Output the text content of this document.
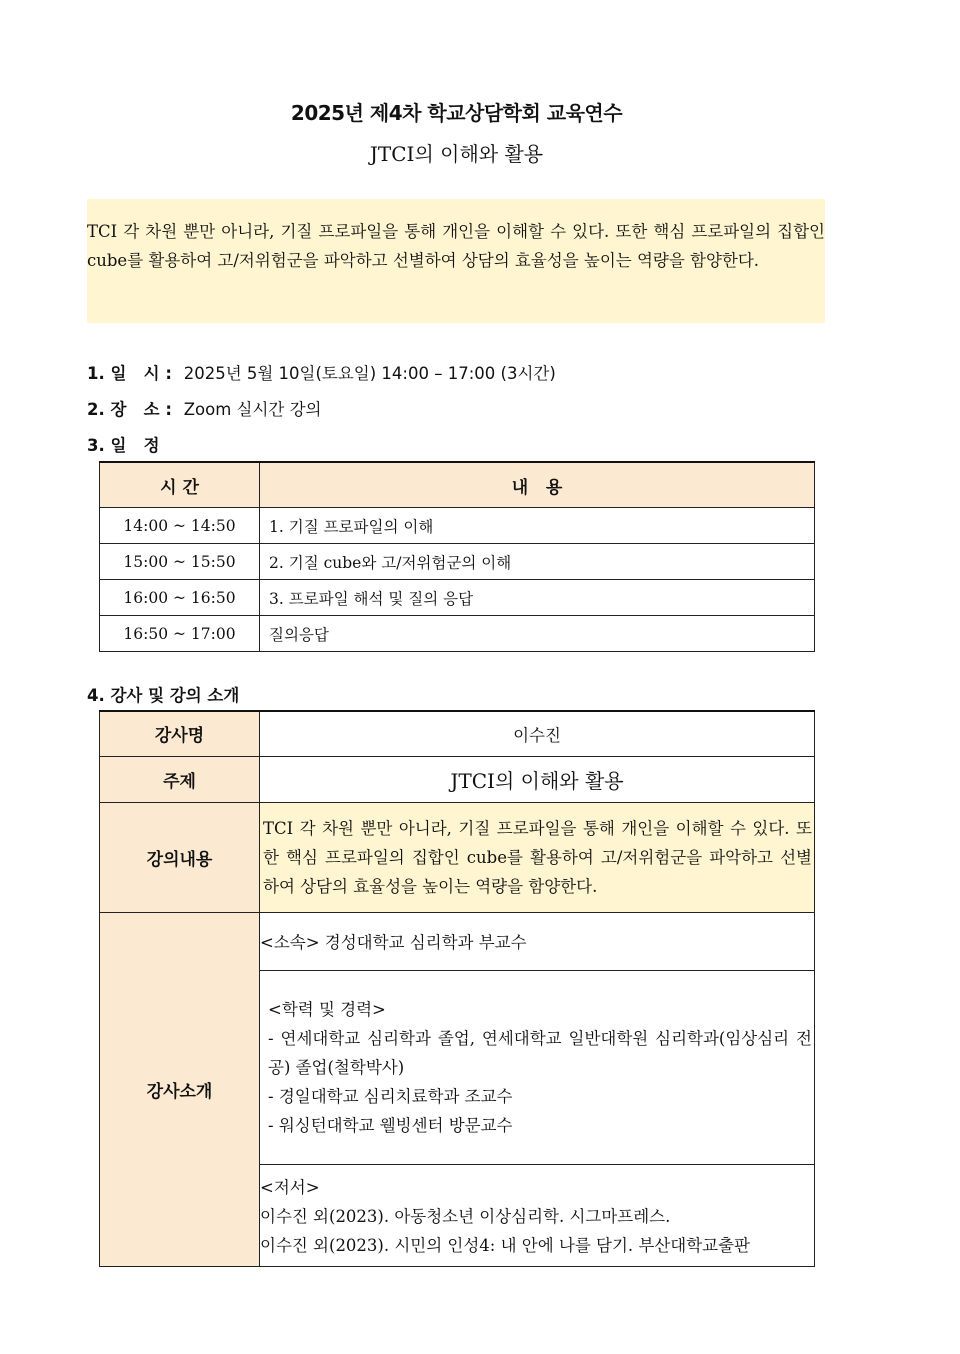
2025년 제4차 학교상담학회 교육연수
JTCI의 이해와 활용
TCI 각 차원 뿐만 아니라, 기질 프로파일을 통해 개인을 이해할 수 있다. 또한 핵심 프로파일의 집합인 cube를 활용하여 고/저위험군을 파악하고 선별하여 상담의 효율성을 높이는 역량을 함양한다.
1. 일   시 : 2025년 5월 10일(토요일) 14:00 – 17:00 (3시간)
2. 장   소 : Zoom 실시간 강의
3. 일   정
시 간	내   용
14:00 ~ 14:50	1. 기질 프로파일의 이해
15:00 ~ 15:50	2. 기질 cube와 고/저위험군의 이해
16:00 ~ 16:50	3. 프로파일 해석 및 질의 응답
16:50 ~ 17:00	질의응답
4. 강사 및 강의 소개
강사명	이수진
주제	JTCI의 이해와 활용
강의내용	TCI 각 차원 뿐만 아니라, 기질 프로파일을 통해 개인을 이해할 수 있다. 또한 핵심 프로파일의 집합인 cube를 활용하여 고/저위험군을 파악하고 선별하여 상담의 효율성을 높이는 역량을 함양한다.
강사소개	<소속> 경성대학교 심리학과 부교수

	<학력 및 경력>
- 연세대학교 심리학과 졸업, 연세대학교 일반대학원 심리학과(임상심리 전공) 졸업(철학박사)
- 경일대학교 심리치료학과 조교수
- 워싱턴대학교 웰빙센터 방문교수

	<저서>
이수진 외(2023). 아동청소년 이상심리학. 시그마프레스.
이수진 외(2023). 시민의 인성4: 내 안에 나를 담기. 부산대학교출판
